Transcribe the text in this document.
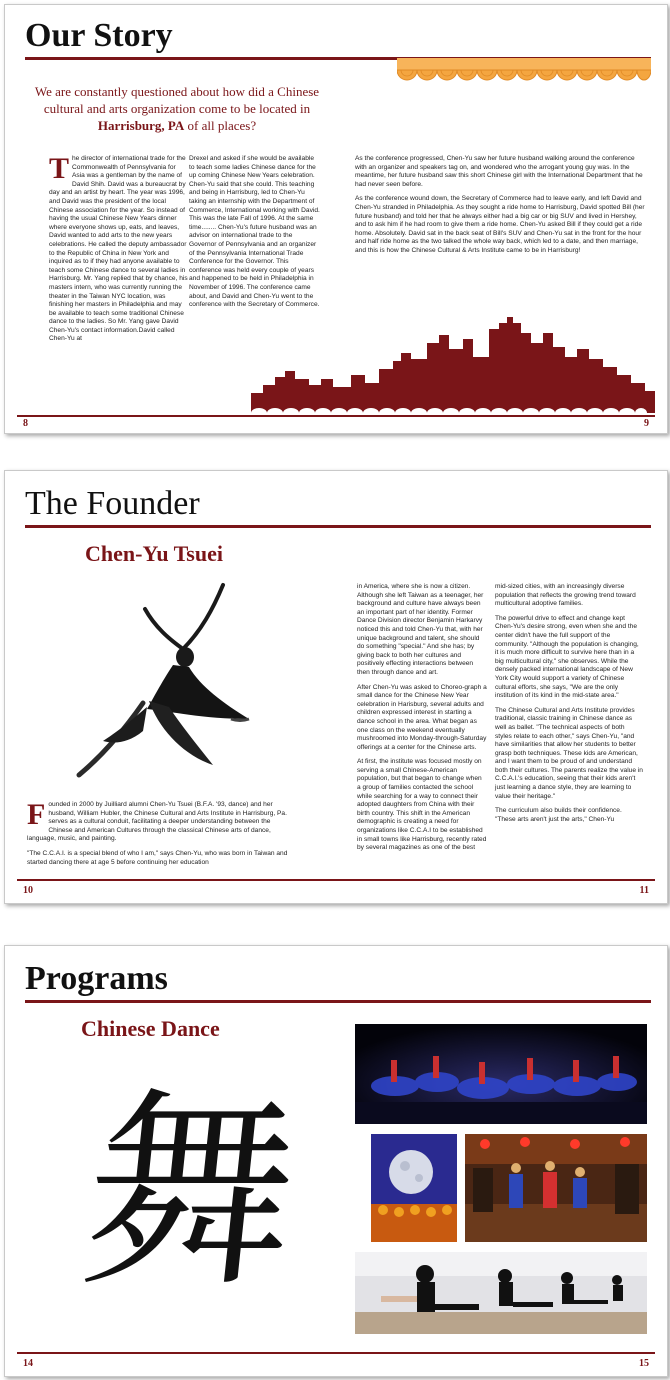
Our Story
We are constantly questioned about how did a Chinese cultural and arts organization come to be located in Harrisburg, PA of all places?
The director of international trade for the Commonwealth of Pennsylvania for Asia was a gentleman by the name of David Shih. David was a bureaucrat by day and an artist by heart. The year was 1996, and David was the president of the local Chinese association for the year. So instead of having the usual Chinese New Years dinner where everyone shows up, eats, and leaves, David wanted to add arts to the new years celebrations. He called the deputy ambassador to the Republic of China in New York and inquired as to if they had anyone available to teach some Chinese dance to several ladies in Harrisburg. Mr. Yang replied that by chance, his masters intern, who was currently running the theater in the Taiwan NYC location, was finishing her masters in Philadelphia and may be available to teach some traditional Chinese dance to the ladies. So Mr. Yang gave David Chen-Yu's contact information.David called Chen-Yu at
Drexel and asked if she would be available to teach some ladies Chinese dance for the up coming Chinese New Years celebration. Chen-Yu said that she could. This teaching and being in Harrisburg, led to Chen-Yu taking an internship with the Department of Commerce, International working with David. This was the late Fall of 1996. At the same time........ Chen-Yu's future husband was an advisor on international trade to the Governor of Pennsylvania and an organizer of the Pennsylvania International Trade Conference for the Governor. This conference was held every couple of years and happened to be held in Philadelphia in November of 1996. The conference came about, and David and Chen-Yu went to the conference with the Secretary of Commerce.

As the conference progressed, Chen-Yu saw her future husband walking around the conference with an organizer and speakers tag on, and wondered who the arrogant young guy was. In the meantime, her future husband saw this short Chinese girl with the International Department that he had never seen before.

As the conference wound down, the Secretary of Commerce had to leave early, and left David and Chen-Yu stranded in Philadelphia. As they sought a ride home to Harrisburg, David spotted Bill (her future husband) and told her that he always either had a big car or big SUV and lived in Hershey, and to ask him if he had room to give them a ride home. Chen-Yu asked Bill if they could get a ride home. Absolutely. David sat in the back seat of Bill's SUV and Chen-Yu sat in the front for the hour and half ride home as the two talked the whole way back, which led to a date, and then marriage, and this is how the Chinese Cultural & Arts Institute came to be in Harrisburg!

8	9
The Founder
Chen-Yu Tsuei

Founded in 2000 by Juilliard alumni Chen-Yu Tsuei (B.F.A. '93, dance) and her husband, William Hubler, the Chinese Cultural and Arts Institute in Harrisburg, Pa. serves as a cultural conduit, facilitating a deeper understanding between the Chinese and American Cultures through the classical Chinese arts of dance, language, music, and painting.

"The C.C.A.I. is a special blend of who I am," says Chen-Yu, who was born in Taiwan and started dancing there at age 5 before continuing her education

in America, where she is now a citizen. Although she left Taiwan as a teenager, her background and culture have always been an important part of her identity. Former Dance Division director Benjamin Harkarvy noticed this and told Chen-Yu that, with her unique background and talent, she should do something "special." And she has; by giving back to both her cultures and positively effecting interactions between then through dance and art.

After Chen-Yu was asked to Choreo-graph a small dance for the Chinese New Year celebration in Harisburg, several adults and children expressed interest in starting a dance school in the area. What began as one class on the weekend eventually mushroomed into Monday-through-Saturday offerings at a center for the Chinese arts.

At first, the institute was focused mostly on serving a small Chinese-American population, but that began to change when a group of families contacted the school while searching for a way to connect their adopted daughters from China with their birth country. This shift in the American demographic is creating a need for organizations like C.C.A.I to be established in small towns like Harrisburg, recently rated by several magazines as one of the best

mid-sized cities, with an increasingly diverse population that reflects the growing trend toward multicultural adoptive families.

The powerful drive to effect and change kept Chen-Yu's desire strong, even when she and the center didn't have the full support of the community. "Although the population is changing, it is much more difficult to survive here than in a big multicultural city," she observes. While the densely packed international landscape of New York City would support a variety of Chinese cultural efforts, she says, "We are the only institution of its kind in the mid-state area."

The Chinese Cultural and Arts Institute provides traditional, classic training in Chinese dance as well as ballet. "The technical aspects of both styles relate to each other," says Chen-Yu, "and have similarities that allow her students to better grasp both techniques. These kids are American, and I want them to be proud of and understand both their cultures. The parents realize the value in C.C.A.I.'s education, seeing that their kids aren't just learning a dance style, they are learning to value their heritage."

The curriculum also builds their confidence. "These arts aren't just the arts," Chen-Yu

10	11
Programs
Chinese Dance
舞
14	15
